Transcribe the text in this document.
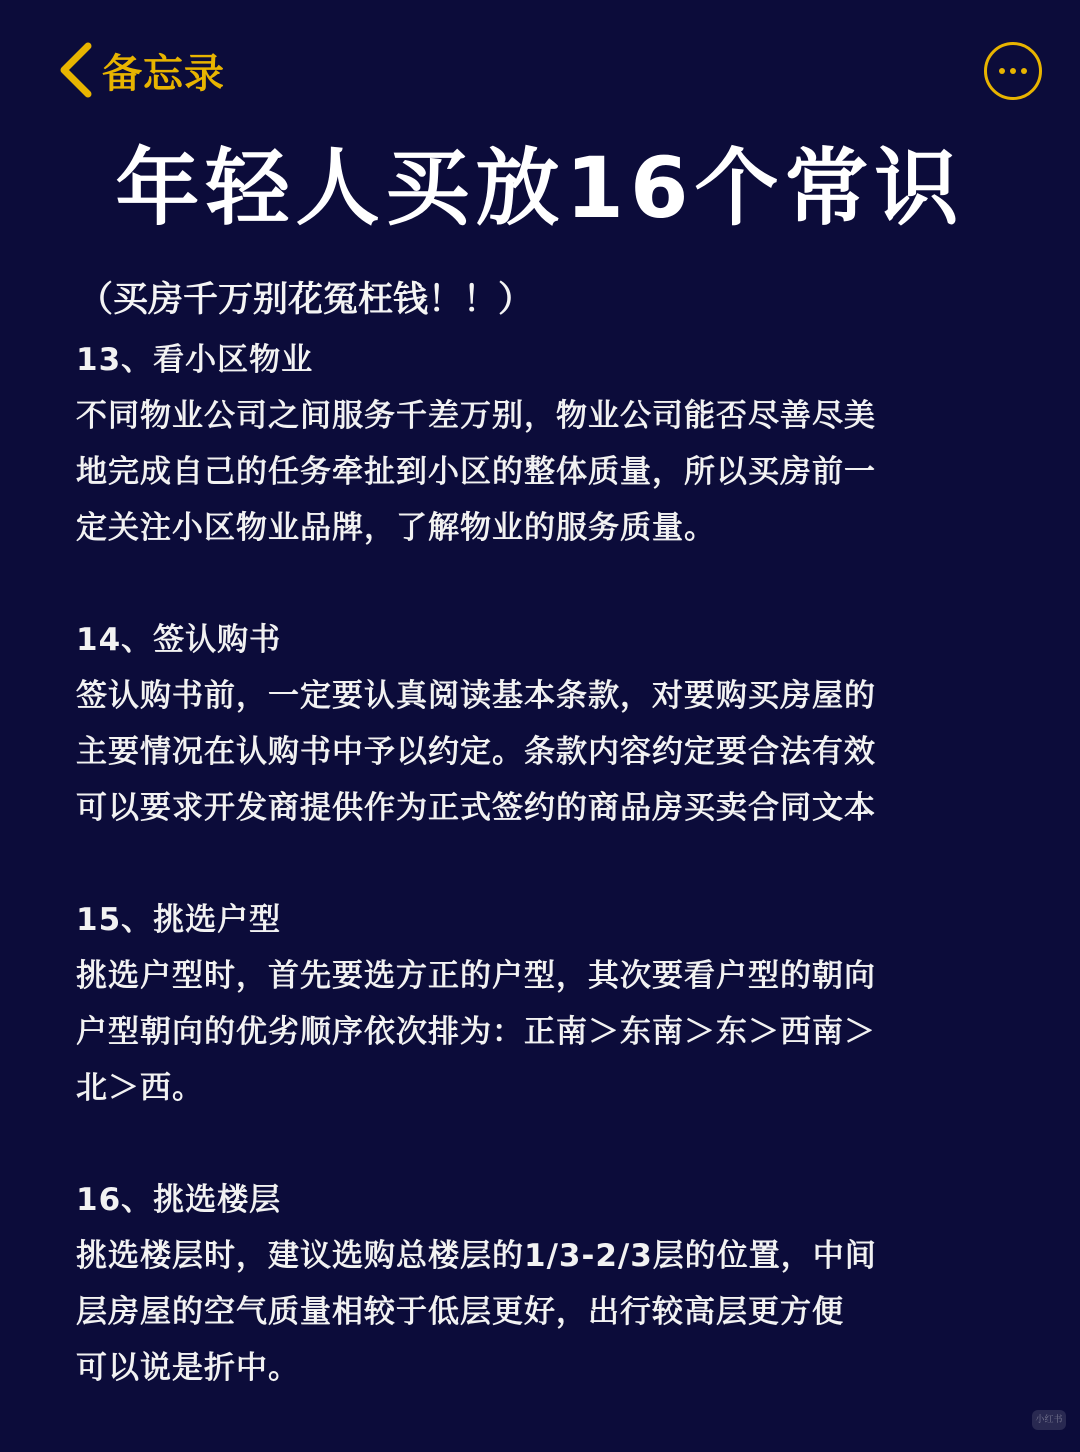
备忘录
年轻人买放16个常识
（买房千万别花冤枉钱！！）
13、看小区物业
不同物业公司之间服务千差万别，物业公司能否尽善尽美
地完成自己的任务牵扯到小区的整体质量，所以买房前一
定关注小区物业品牌，了解物业的服务质量。
14、签认购书
签认购书前，一定要认真阅读基本条款，对要购买房屋的
主要情况在认购书中予以约定。条款内容约定要合法有效
可以要求开发商提供作为正式签约的商品房买卖合同文本
15、挑选户型
挑选户型时，首先要选方正的户型，其次要看户型的朝向
户型朝向的优劣顺序依次排为：正南＞东南＞东＞西南＞
北＞西。
16、挑选楼层
挑选楼层时，建议选购总楼层的1/3-2/3层的位置，中间
层房屋的空气质量相较于低层更好，出行较高层更方便
可以说是折中。
小红书
